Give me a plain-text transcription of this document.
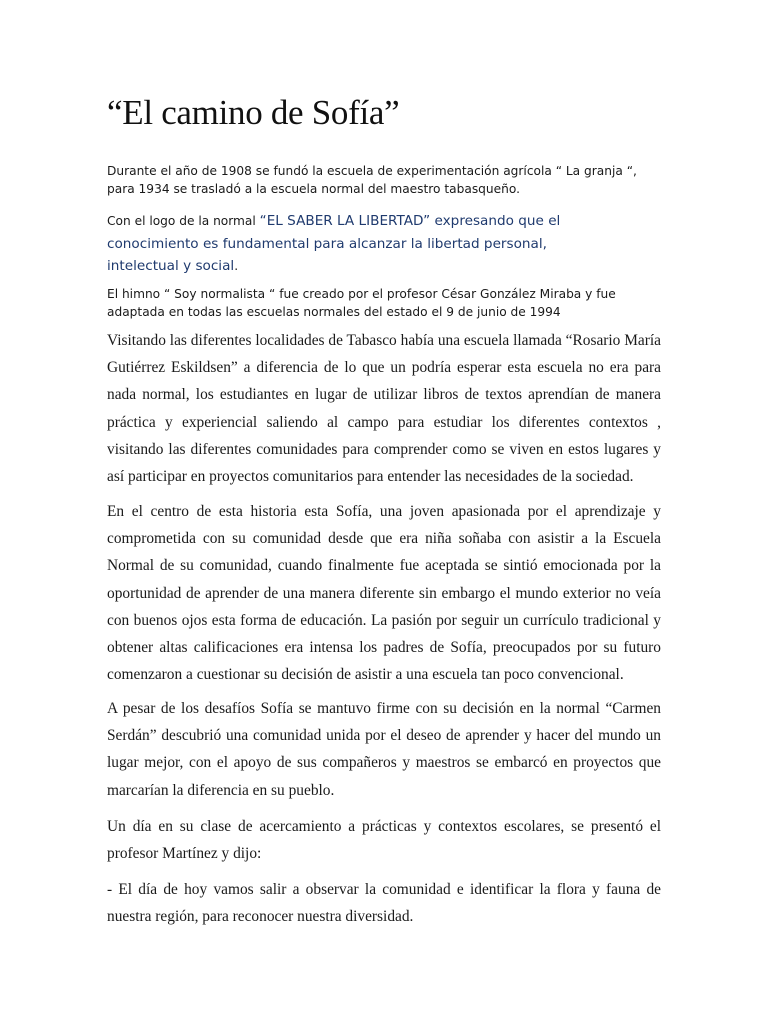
“El camino de Sofía”

Durante el año de 1908 se fundó la escuela de experimentación agrícola “ La granja “, para 1934 se trasladó a la escuela normal del maestro tabasqueño.

Con el logo de la normal “EL SABER LA LIBERTAD” expresando que el conocimiento es fundamental para alcanzar la libertad personal, intelectual y social.

El himno “ Soy normalista “ fue creado por el profesor César González Miraba y fue adaptada en todas las escuelas normales del estado el 9 de junio de 1994

Visitando las diferentes localidades de Tabasco había una escuela llamada “Rosario María Gutiérrez Eskildsen” a diferencia de lo que un podría esperar esta escuela no era para nada normal, los estudiantes en lugar de utilizar libros de textos aprendían de manera práctica y experiencial saliendo al campo para estudiar los diferentes contextos , visitando las diferentes comunidades para comprender como se viven en estos lugares y así participar en proyectos comunitarios para entender las necesidades de la sociedad.

En el centro de esta historia esta Sofía, una joven apasionada por el aprendizaje y comprometida con su comunidad desde que era niña soñaba con asistir a la Escuela Normal de su comunidad, cuando finalmente fue aceptada se sintió emocionada por la oportunidad de aprender de una manera diferente sin embargo el mundo exterior no veía con buenos ojos esta forma de educación. La pasión por seguir un currículo tradicional y obtener altas calificaciones era intensa los padres de Sofía, preocupados por su futuro comenzaron a cuestionar su decisión de asistir a una escuela tan poco convencional.

A pesar de los desafíos Sofía se mantuvo firme con su decisión en la normal “Carmen Serdán” descubrió una comunidad unida por el deseo de aprender y hacer del mundo un lugar mejor, con el apoyo de sus compañeros y maestros se embarcó en proyectos que marcarían la diferencia en su pueblo.

Un día en su clase de acercamiento a prácticas y contextos escolares, se presentó el profesor Martínez y dijo:

- El día de hoy vamos salir a observar la comunidad e identificar la flora y fauna de nuestra región, para reconocer nuestra diversidad.
